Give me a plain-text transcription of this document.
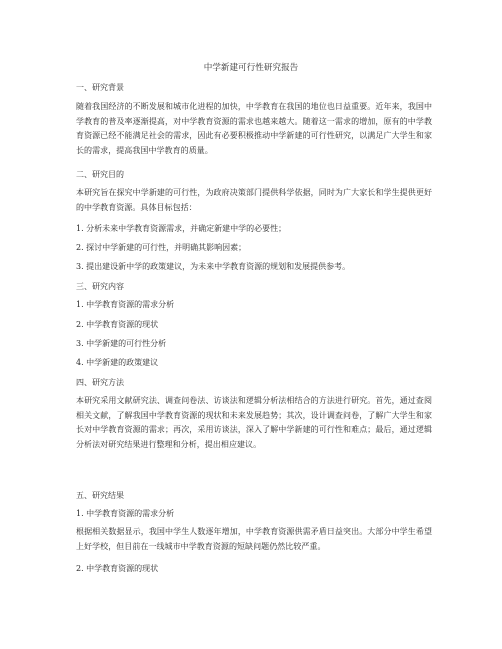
中学新建可行性研究报告
一、研究背景
随着我国经济的不断发展和城市化进程的加快，中学教育在我国的地位也日益重要。近年来，我国中学教育的普及率逐渐提高，对中学教育资源的需求也越来越大。随着这一需求的增加，原有的中学教育资源已经不能满足社会的需求，因此有必要积极推动中学新建的可行性研究，以满足广大学生和家长的需求，提高我国中学教育的质量。
二、研究目的
本研究旨在探究中学新建的可行性，为政府决策部门提供科学依据，同时为广大家长和学生提供更好的中学教育资源。具体目标包括：
1. 分析未来中学教育资源需求，并确定新建中学的必要性；
2. 探讨中学新建的可行性，并明确其影响因素；
3. 提出建设新中学的政策建议，为未来中学教育资源的规划和发展提供参考。
三、研究内容
1. 中学教育资源的需求分析
2. 中学教育资源的现状
3. 中学新建的可行性分析
4. 中学新建的政策建议
四、研究方法
本研究采用文献研究法、调查问卷法、访谈法和逻辑分析法相结合的方法进行研究。首先，通过查阅相关文献，了解我国中学教育资源的现状和未来发展趋势；其次，设计调查问卷，了解广大学生和家长对中学教育资源的需求；再次，采用访谈法，深入了解中学新建的可行性和难点；最后，通过逻辑分析法对研究结果进行整理和分析，提出相应建议。
五、研究结果
1. 中学教育资源的需求分析
根据相关数据显示，我国中学生人数逐年增加，中学教育资源供需矛盾日益突出。大部分中学生希望上好学校，但目前在一线城市中学教育资源的短缺问题仍然比较严重。
2. 中学教育资源的现状
